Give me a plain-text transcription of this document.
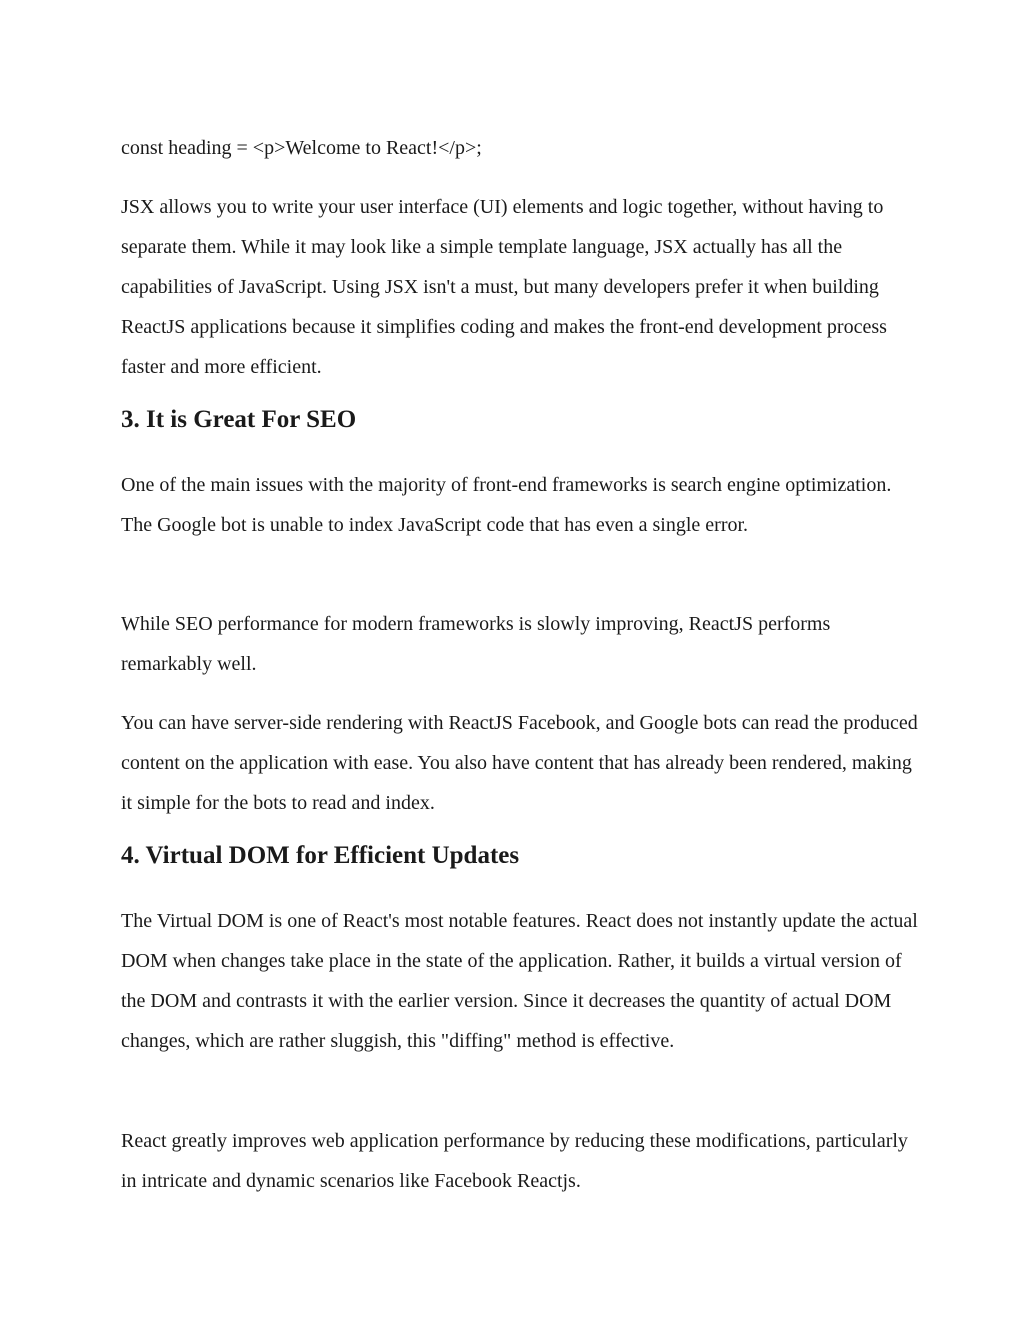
const heading = <p>Welcome to React!</p>;

JSX allows you to write your user interface (UI) elements and logic together, without having to separate them. While it may look like a simple template language, JSX actually has all the capabilities of JavaScript. Using JSX isn't a must, but many developers prefer it when building ReactJS applications because it simplifies coding and makes the front-end development process faster and more efficient.

3. It is Great For SEO

One of the main issues with the majority of front-end frameworks is search engine optimization. The Google bot is unable to index JavaScript code that has even a single error.

While SEO performance for modern frameworks is slowly improving, ReactJS performs remarkably well.

You can have server-side rendering with ReactJS Facebook, and Google bots can read the produced content on the application with ease. You also have content that has already been rendered, making it simple for the bots to read and index.

4. Virtual DOM for Efficient Updates

The Virtual DOM is one of React's most notable features. React does not instantly update the actual DOM when changes take place in the state of the application. Rather, it builds a virtual version of the DOM and contrasts it with the earlier version. Since it decreases the quantity of actual DOM changes, which are rather sluggish, this "diffing" method is effective.

React greatly improves web application performance by reducing these modifications, particularly in intricate and dynamic scenarios like Facebook Reactjs.
